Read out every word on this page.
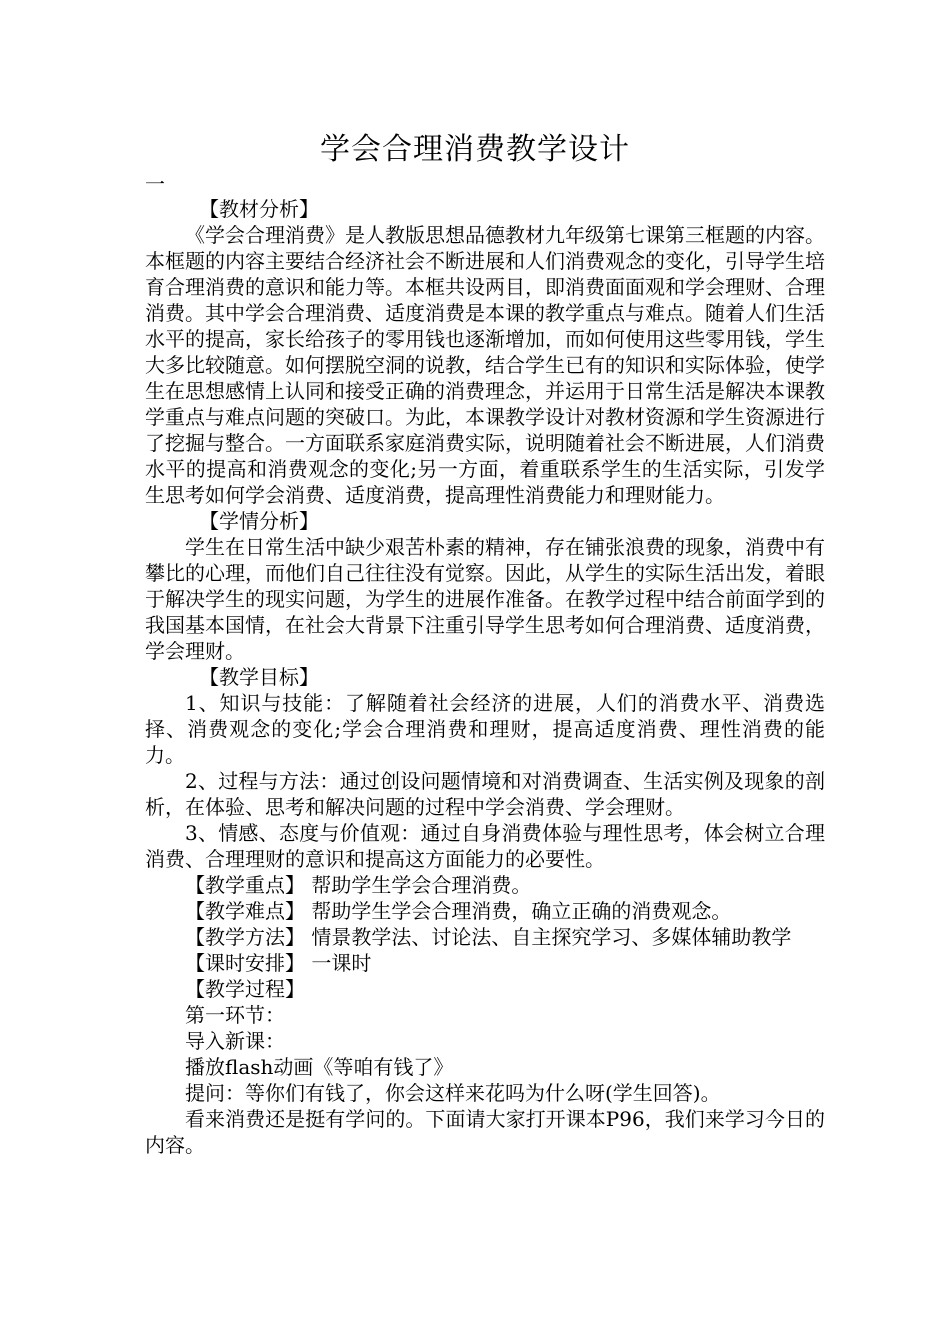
学会合理消费教学设计
一

【教材分析】

《学会合理消费》是人教版思想品德教材九年级第七课第三框题的内容。本框题的内容主要结合经济社会不断进展和人们消费观念的变化，引导学生培育合理消费的意识和能力等。本框共设两目，即消费面面观和学会理财、合理消费。其中学会合理消费、适度消费是本课的教学重点与难点。随着人们生活水平的提高，家长给孩子的零用钱也逐渐增加，而如何使用这些零用钱，学生大多比较随意。如何摆脱空洞的说教，结合学生已有的知识和实际体验，使学生在思想感情上认同和接受正确的消费理念，并运用于日常生活是解决本课教学重点与难点问题的突破口。为此，本课教学设计对教材资源和学生资源进行了挖掘与整合。一方面联系家庭消费实际，说明随着社会不断进展，人们消费水平的提高和消费观念的变化;另一方面，着重联系学生的生活实际，引发学生思考如何学会消费、适度消费，提高理性消费能力和理财能力。

【学情分析】

学生在日常生活中缺少艰苦朴素的精神，存在铺张浪费的现象，消费中有攀比的心理，而他们自己往往没有觉察。因此，从学生的实际生活出发，着眼于解决学生的现实问题，为学生的进展作准备。在教学过程中结合前面学到的我国基本国情，在社会大背景下注重引导学生思考如何合理消费、适度消费，学会理财。

【教学目标】

1、知识与技能：了解随着社会经济的进展，人们的消费水平、消费选择、消费观念的变化;学会合理消费和理财，提高适度消费、理性消费的能力。

2、过程与方法：通过创设问题情境和对消费调查、生活实例及现象的剖析，在体验、思考和解决问题的过程中学会消费、学会理财。

3、情感、态度与价值观：通过自身消费体验与理性思考，体会树立合理消费、合理理财的意识和提高这方面能力的必要性。

【教学重点】 帮助学生学会合理消费。

【教学难点】 帮助学生学会合理消费，确立正确的消费观念。

【教学方法】 情景教学法、讨论法、自主探究学习、多媒体辅助教学

【课时安排】 一课时

【教学过程】

第一环节：

导入新课：

播放flash动画《等咱有钱了》

提问：等你们有钱了，你会这样来花吗为什么呀(学生回答)。

看来消费还是挺有学问的。下面请大家打开课本P96，我们来学习今日的内容。
